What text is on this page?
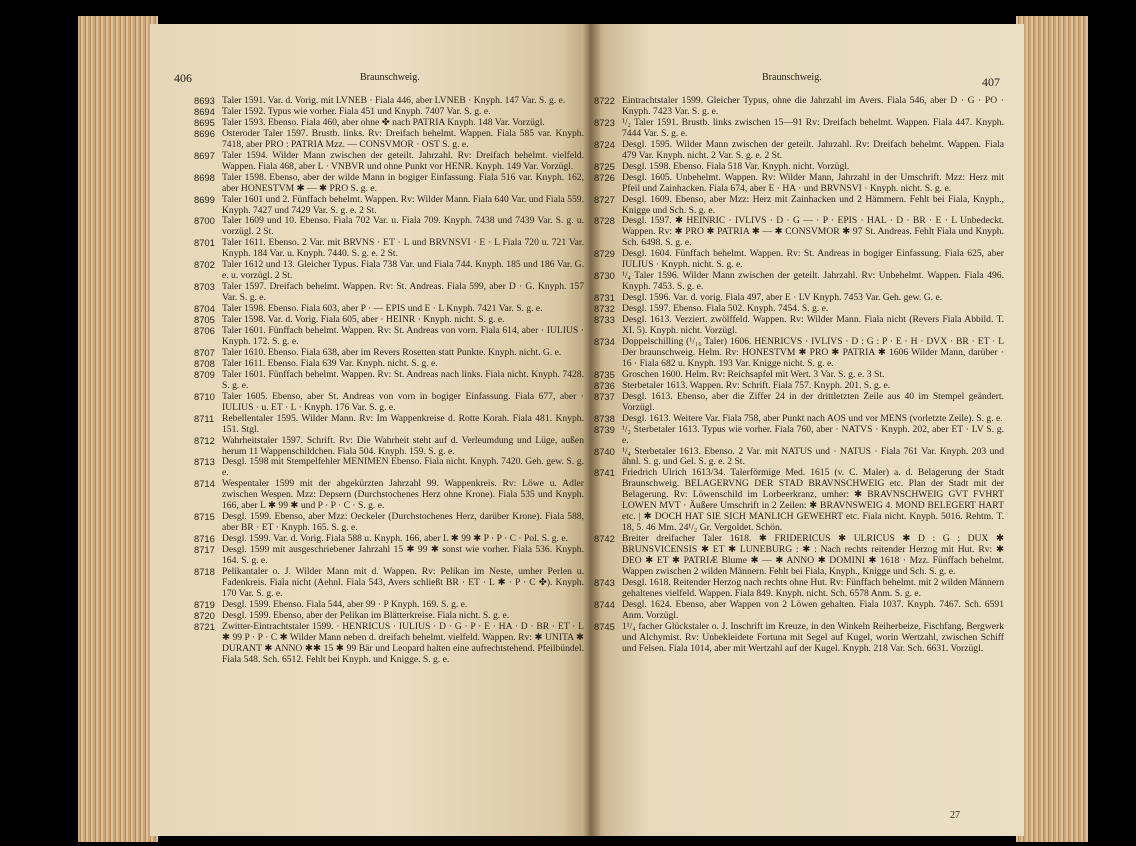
406	Braunschweig.	Braunschweig.	407
8693 Taler 1591. Var. d. Vorig. mit LVNEB · Fiala 446, aber LVNEB · Knyph. 147 Var. S. g. e.
8694 Taler 1592. Typus wie vorher. Fiala 451 und Knyph. 7407 Var. S. g. e.
8695 Taler 1593. Ebenso. Fiala 460, aber ohne ✤ nach PATRIA Knyph. 148 Var. Vorzügl.
8696 Osteroder Taler 1597. Brustb. links. Rv: Dreifach behelmt. Wappen. Fiala 585 var. Knyph. 7418, aber PRO : PATRIA Mzz. — CONSVMOR · OST S. g. e.
8697 Taler 1594. Wilder Mann zwischen der geteilt. Jahrzahl. Rv: Dreifach behelmt. vielfeld. Wappen. Fiala 468, aber L · VNBVR und ohne Punkt vor HENR. Knyph. 149 Var. Vorzügl.
8698 Taler 1598. Ebenso, aber der wilde Mann in bogiger Einfassung. Fiala 516 var. Knyph. 162, aber HONESTVM ✱ — ✱ PRO S. g. e.
8699 Taler 1601 und 2. Fünffach behelmt. Wappen. Rv: Wilder Mann. Fiala 640 Var. und Fiala 559. Knyph. 7427 und 7429 Var. S. g. e. 2 St.
8700 Taler 1609 und 10. Ebenso. Fiala 702 Var. u. Fiala 709. Knyph. 7438 und 7439 Var. S. g. u. vorzügl. 2 St.
8701 Taler 1611. Ebenso. 2 Var. mit BRVNS · ET · L und BRVNSVI · E · L Fiala 720 u. 721 Var. Knyph. 184 Var. u. Knyph. 7440. S. g. e. 2 St.
8702 Taler 1612 und 13. Gleicher Typus. Fiala 738 Var. und Fiala 744. Knyph. 185 und 186 Var. G. e. u. vorzügl. 2 St.
8703 Taler 1597. Dreifach behelmt. Wappen. Rv: St. Andreas. Fiala 599, aber D · G. Knyph. 157 Var. S. g. e.
8704 Taler 1598. Ebenso. Fiala 603, aber P · — EPIS und E · L Knyph. 7421 Var. S. g. e.
8705 Taler 1598. Var. d. Vorig. Fiala 605, aber · HEINR · Knyph. nicht. S. g. e.
8706 Taler 1601. Fünffach behelmt. Wappen. Rv: St. Andreas von vorn. Fiala 614, aber · IULIUS · Knyph. 172. S. g. e.
8707 Taler 1610. Ebenso. Fiala 638, aber im Revers Rosetten statt Punkte. Knyph. nicht. G. e.
8708 Taler 1611. Ebenso. Fiala 639 Var. Knyph. nicht. S. g. e.
8709 Taler 1601. Fünffach behelmt. Wappen. Rv: St. Andreas nach links. Fiala nicht. Knyph. 7428. S. g. e.
8710 Taler 1605. Ebenso, aber St. Andreas von vorn in bogiger Einfassung. Fiala 677, aber · IULIUS · u. ET · L · Knyph. 176 Var. S. g. e.
8711 Rebellentaler 1595. Wilder Mann. Rv: Im Wappenkreise d. Rotte Korah. Fiala 481. Knyph. 151. Stgl.
8712 Wahrheitstaler 1597. Schrift. Rv: Die Wahrheit steht auf d. Verleumdung und Lüge, außen herum 11 Wappenschildchen. Fiala 504. Knyph. 159. S. g. e.
8713 Desgl. 1598 mit Stempelfehler MENIMEN Ebenso. Fiala nicht. Knyph. 7420. Geh. gew. S. g. e.
8714 Wespentaler 1599 mit der abgekürzten Jahrzahl 99. Wappenkreis. Rv: Löwe u. Adler zwischen Wespen. Mzz: Depsern (Durchstochenes Herz ohne Krone). Fiala 535 und Knyph. 166, aber L ✱ 99 ✱ und P · P · C · S. g. e.
8715 Desgl. 1599. Ebenso, aber Mzz: Oeckeler (Durchstochenes Herz, darüber Krone). Fiala 588, aber BR · ET · Knyph. 165. S. g. e.
8716 Desgl. 1599. Var. d. Vorig. Fiala 588 u. Knyph. 166, aber L ✱ 99 ✱ P · P · C · Pol. S. g. e.
8717 Desgl. 1599 mit ausgeschriebener Jahrzahl 15 ✱ 99 ✱ sonst wie vorher. Fiala 536. Knyph. 164. S. g. e.
8718 Pelikantaler o. J. Wilder Mann mit d. Wappen. Rv: Pelikan im Neste, umher Perlen u. Fadenkreis. Fiala nicht (Aehnl. Fiala 543, Avers schließt BR · ET · L ✱ · P · C ✤). Knyph. 170 Var. S. g. e.
8719 Desgl. 1599. Ebenso. Fiala 544, aber 99 · P Knyph. 169. S. g. e.
8720 Desgl. 1599. Ebenso, aber der Pelikan im Blätterkreise. Fiala nicht. S. g. e.
8721 Zwitter-Eintrachtstaler 1599. · HENRICUS · IULIUS · D · G · P · E · HA · D · BR · ET · L ✱ 99 P · P · C ✱ Wilder Mann neben d. dreifach behelmt. vielfeld. Wappen. Rv: ✱ UNITA ✱ DURANT ✱ ANNO ✱✱ 15 ✱ 99 Bär und Leopard halten eine aufrechtstehend. Pfeilbündel. Fiala 548. Sch. 6512. Fehlt bei Knyph. und Knigge. S. g. e.
8722 Eintrachtstaler 1599. Gleicher Typus, ohne die Jahrzahl im Avers. Fiala 546, aber D · G · PO · Knyph. 7423 Var. S. g. e.
8723 ¹/₂ Taler 1591. Brustb. links zwischen 15—91 Rv: Dreifach behelmt. Wappen. Fiala 447. Knyph. 7444 Var. S. g. e.
8724 Desgl. 1595. Wilder Mann zwischen der geteilt. Jahrzahl. Rv: Dreifach behelmt. Wappen. Fiala 479 Var. Knyph. nicht. 2 Var. S. g. e. 2 St.
8725 Desgl. 1598. Ebenso. Fiala 518 Var. Knyph. nicht. Vorzügl.
8726 Desgl. 1605. Unbehelmt. Wappen. Rv: Wilder Mann, Jahrzahl in der Umschrift. Mzz: Herz mit Pfeil und Zainhacken. Fiala 674, aber E · HA · und BRVNSVI · Knyph. nicht. S. g. e.
8727 Desgl. 1609. Ebenso, aber Mzz: Herz mit Zainhacken und 2 Hämmern. Fehlt bei Fiala, Knyph., Knigge und Sch. S. g. e.
8728 Desgl. 1597. ✱ HEINRIC · IVLIVS · D · G — · P · EPIS · HAL · D · BR · E · L Unbedeckt. Wappen. Rv: ✱ PRO ✱ PATRIA ✱ — ✱ CONSVMOR ✱ 97 St. Andreas. Fehlt Fiala und Knyph. Sch. 6498. S. g. e.
8729 Desgl. 1604. Fünffach behelmt. Wappen. Rv: St. Andreas in bogiger Einfassung. Fiala 625, aber IULIUS · Knyph. nicht. S. g. e.
8730 ¹/₄ Taler 1596. Wilder Mann zwischen der geteilt. Jahrzahl. Rv: Unbehelmt. Wappen. Fiala 496. Knyph. 7453. S. g. e.
8731 Desgl. 1596. Var. d. vorig. Fiala 497, aber E · LV Knyph. 7453 Var. Geh. gew. G. e.
8732 Desgl. 1597. Ebenso. Fiala 502. Knyph. 7454. S. g. e.
8733 Desgl. 1613. Verziert. zwölffeld. Wappen. Rv: Wilder Mann. Fiala nicht (Revers Fiala Abbild. T. XI. 5). Knyph. nicht. Vorzügl.
8734 Doppelschilling (¹/₁₆ Taler) 1606. HENRICVS · IVLIVS · D : G : P · E · H · DVX · BR · ET · L Der braunschweig. Helm. Rv: HONESTVM ✱ PRO ✱ PATRIA ✱ 1606 Wilder Mann, darüber · 16 · Fiala 682 u. Knyph. 193 Var. Knigge nicht. S. g. e.
8735 Groschen 1600. Helm. Rv: Reichsapfel mit Wert. 3 Var. S. g. e. 3 St.
8736 Sterbetaler 1613. Wappen. Rv: Schrift. Fiala 757. Knyph. 201. S. g. e.
8737 Desgl. 1613. Ebenso, aber die Ziffer 24 in der drittletzten Zeile aus 40 im Stempel geändert. Vorzügl.
8738 Desgl. 1613. Weitere Var. Fiala 758, aber Punkt nach AOS und vor MENS (vorletzte Zeile). S. g. e.
8739 ¹/₂ Sterbetaler 1613. Typus wie vorher. Fiala 760, aber · NATVS · Knyph. 202, aber ET · LV S. g. e.
8740 ¹/₄ Sterbetaler 1613. Ebenso. 2 Var. mit NATUS und · NATUS · Fiala 761 Var. Knyph. 203 und ähnl. S. g. und Gel. S. g. e. 2 St.
8741 Friedrich Ulrich 1613/34. Talerförmige Med. 1615 (v. C. Maler) a. d. Belagerung der Stadt Braunschweig. BELAGERVNG DER STAD BRAVNSCHWEIG etc. Plan der Stadt mit der Belagerung. Rv: Löwenschild im Lorbeerkranz, umher: ✱ BRAVNSCHWEIG GVT FVHRT LOWEN MVT · Äußere Umschrift in 2 Zeilen: ✱ BRAVNSWEIG 4. MOND BELEGERT HART etc. | ✱ DOCH HAT SIE SICH MANLICH GEWEHRT etc. Fiala nicht. Knyph. 5016. Rehtm. T. 18, 5. 46 Mm. 24¹/₂ Gr. Vergoldet. Schön.
8742 Breiter dreifacher Taler 1618. ✱ FRIDERICUS ✱ ULRICUS ✱ D : G : DUX ✱ BRUNSVICENSIS ✱ ET ✱ LUNEBURG : ✱ : Nach rechts reitender Herzog mit Hut. Rv: ✱ DEO ✱ ET ✱ PATRIÆ Blume ✱ — ✱ ANNO ✱ DOMINI ✱ 1618 · Mzz. Fünffach behelmt. Wappen zwischen 2 wilden Männern. Fehlt bei Fiala, Knyph., Knigge und Sch. S. g. e.
8743 Desgl. 1618. Reitender Herzog nach rechts ohne Hut. Rv: Fünffach behelmt. mit 2 wilden Männern gehaltenes vielfeld. Wappen. Fiala 849. Knyph. nicht. Sch. 6578 Anm. S. g. e.
8744 Desgl. 1624. Ebenso, aber Wappen von 2 Löwen gehalten. Fiala 1037. Knyph. 7467. Sch. 6591 Anm. Vorzügl.
8745 1¹/₄ facher Glückstaler o. J. Inschrift im Kreuze, in den Winkeln Reiherbeize, Fischfang, Bergwerk und Alchymist. Rv: Unbekleidete Fortuna mit Segel auf Kugel, worin Wertzahl, zwischen Schiff und Felsen. Fiala 1014, aber mit Wertzahl auf der Kugel. Knyph. 218 Var. Sch. 6631. Vorzügl.
27
